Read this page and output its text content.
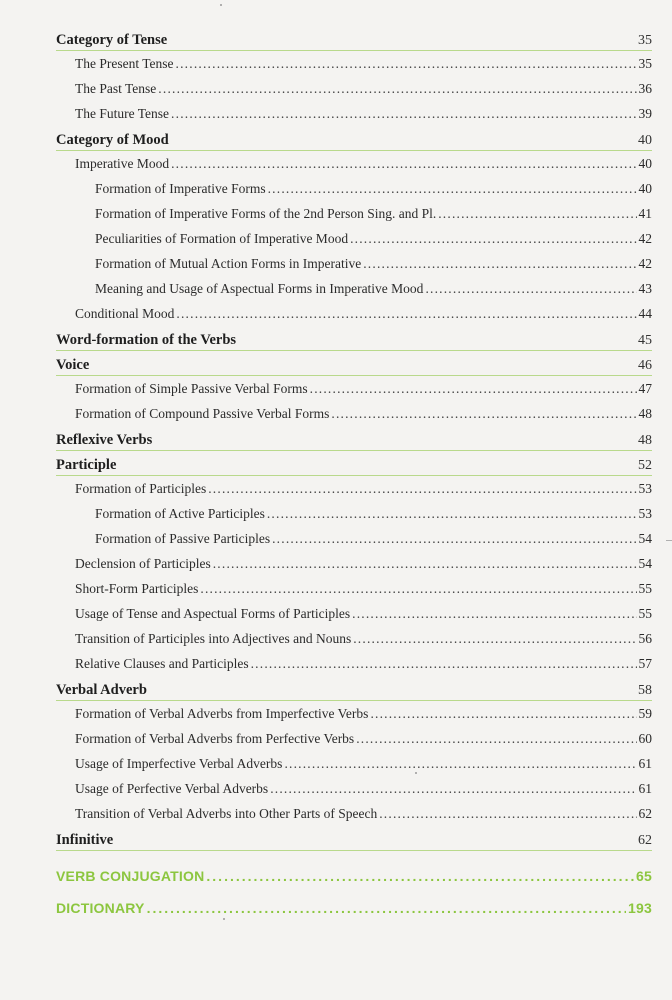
Category of Tense	35
The Present Tense .....	35
The Past Tense .....	36
The Future Tense .....	39
Category of Mood	40
Imperative Mood .....	40
Formation of Imperative Forms .....	40
Formation of Imperative Forms of the 2nd Person Sing. and Pl. .....	41
Peculiarities of Formation of Imperative Mood .....	42
Formation of Mutual Action Forms in Imperative .....	42
Meaning and Usage of Aspectual Forms in Imperative Mood .....	43
Conditional Mood .....	44
Word-formation of the Verbs	45
Voice	46
Formation of Simple Passive Verbal Forms .....	47
Formation of Compound Passive Verbal Forms .....	48
Reflexive Verbs	48
Participle	52
Formation of Participles .....	53
Formation of Active Participles .....	53
Formation of Passive Participles .....	54
Declension of Participles .....	54
Short-Form Participles .....	55
Usage of Tense and Aspectual Forms of Participles .....	55
Transition of Participles into Adjectives and Nouns .....	56
Relative Clauses and Participles .....	57
Verbal Adverb	58
Formation of Verbal Adverbs from Imperfective Verbs .....	59
Formation of Verbal Adverbs from Perfective Verbs .....	60
Usage of Imperfective Verbal Adverbs .....	61
Usage of Perfective Verbal Adverbs .....	61
Transition of Verbal Adverbs into Other Parts of Speech .....	62
Infinitive	62
VERB CONJUGATION .....	65
DICTIONARY .....	193
